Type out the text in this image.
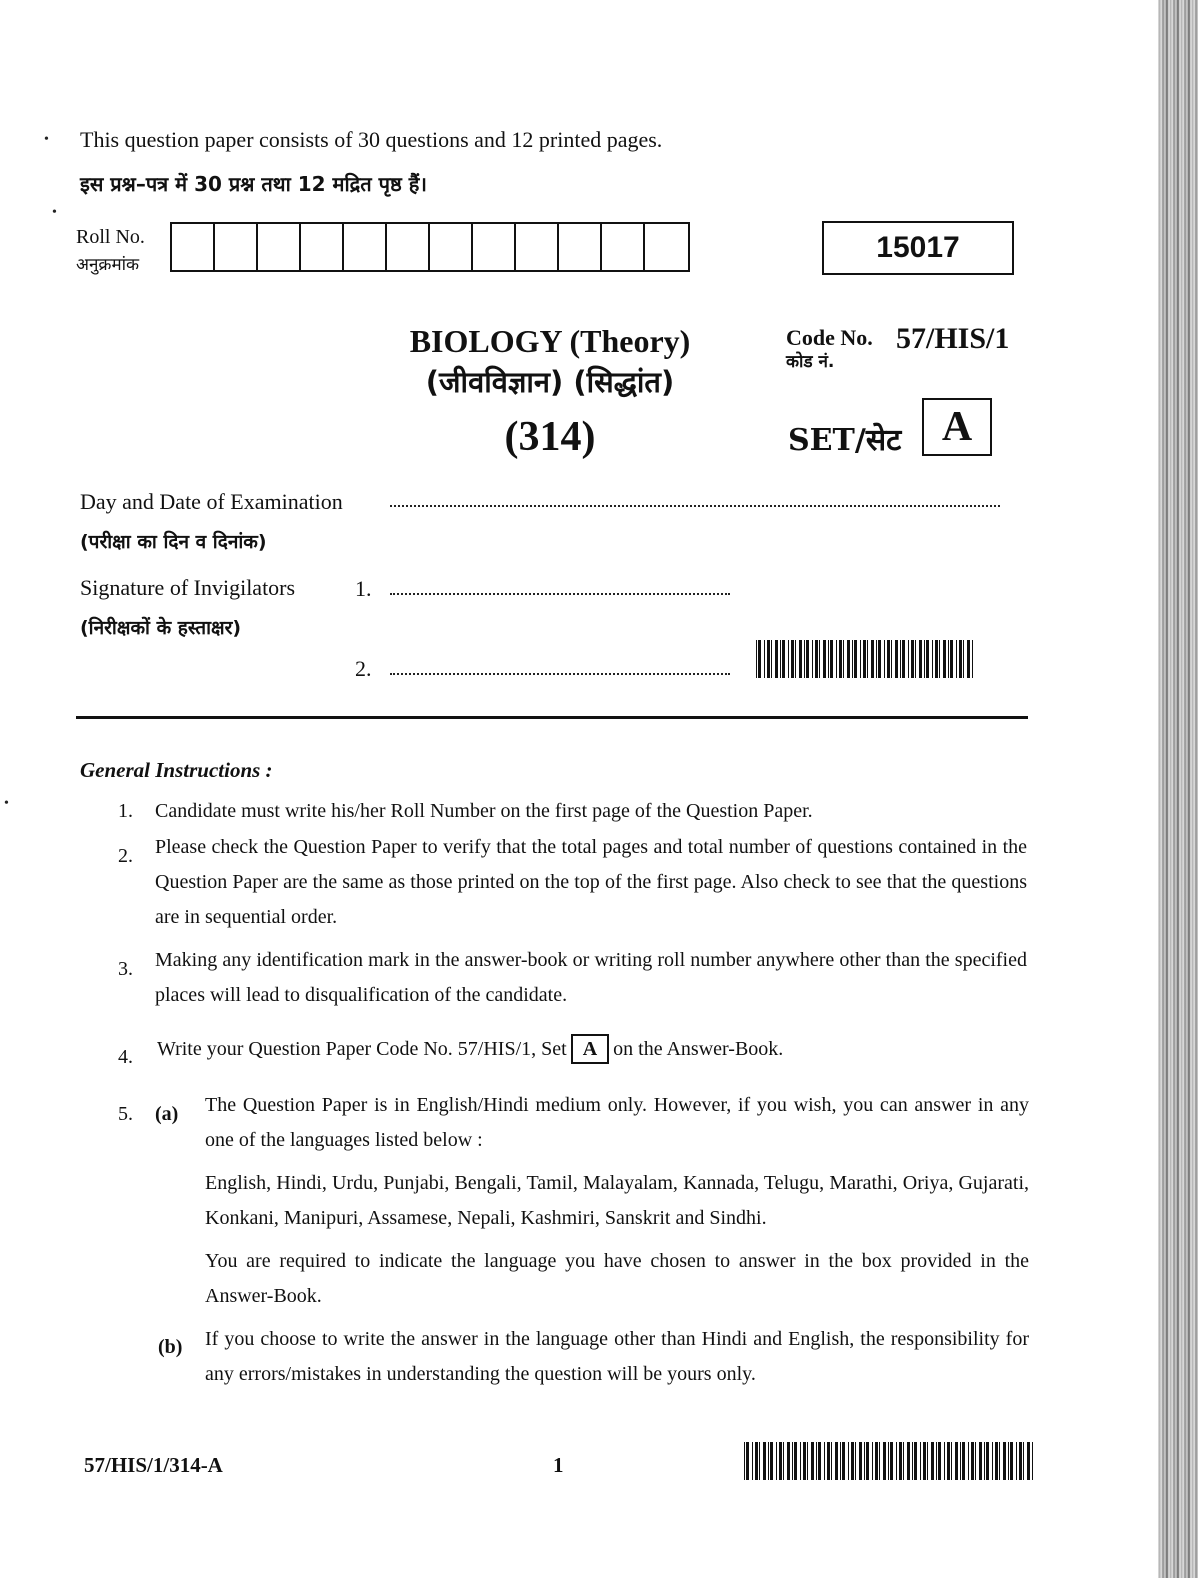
•
•
•
This question paper consists of 30 questions and 12 printed pages.
इस प्रश्न–पत्र में 30 प्रश्न तथा 12 मद्रित पृष्ठ हैं।
Roll No.
अनुक्रमांक
15017
BIOLOGY (Theory)
(जीवविज्ञान) (सिद्धांत)
(314)
Code No.
कोड नं.
57/HIS/1
SET/सेट A
Day and Date of Examination
(परीक्षा का दिन व दिनांक)
Signature of Invigilators
(निरीक्षकों के हस्ताक्षर)
1.
2.
General Instructions :
1. Candidate must write his/her Roll Number on the first page of the Question Paper.
2. Please check the Question Paper to verify that the total pages and total number of questions contained in the Question Paper are the same as those printed on the top of the first page. Also check to see that the questions are in sequential order.
3. Making any identification mark in the answer-book or writing roll number anywhere other than the specified places will lead to disqualification of the candidate.
4. Write your Question Paper Code No. 57/HIS/1, Set A on the Answer-Book.
5. (a) The Question Paper is in English/Hindi medium only. However, if you wish, you can answer in any one of the languages listed below :
English, Hindi, Urdu, Punjabi, Bengali, Tamil, Malayalam, Kannada, Telugu, Marathi, Oriya, Gujarati, Konkani, Manipuri, Assamese, Nepali, Kashmiri, Sanskrit and Sindhi.
You are required to indicate the language you have chosen to answer in the box provided in the Answer-Book.
(b) If you choose to write the answer in the language other than Hindi and English, the responsibility for any errors/mistakes in understanding the question will be yours only.
57/HIS/1/314-A	1
